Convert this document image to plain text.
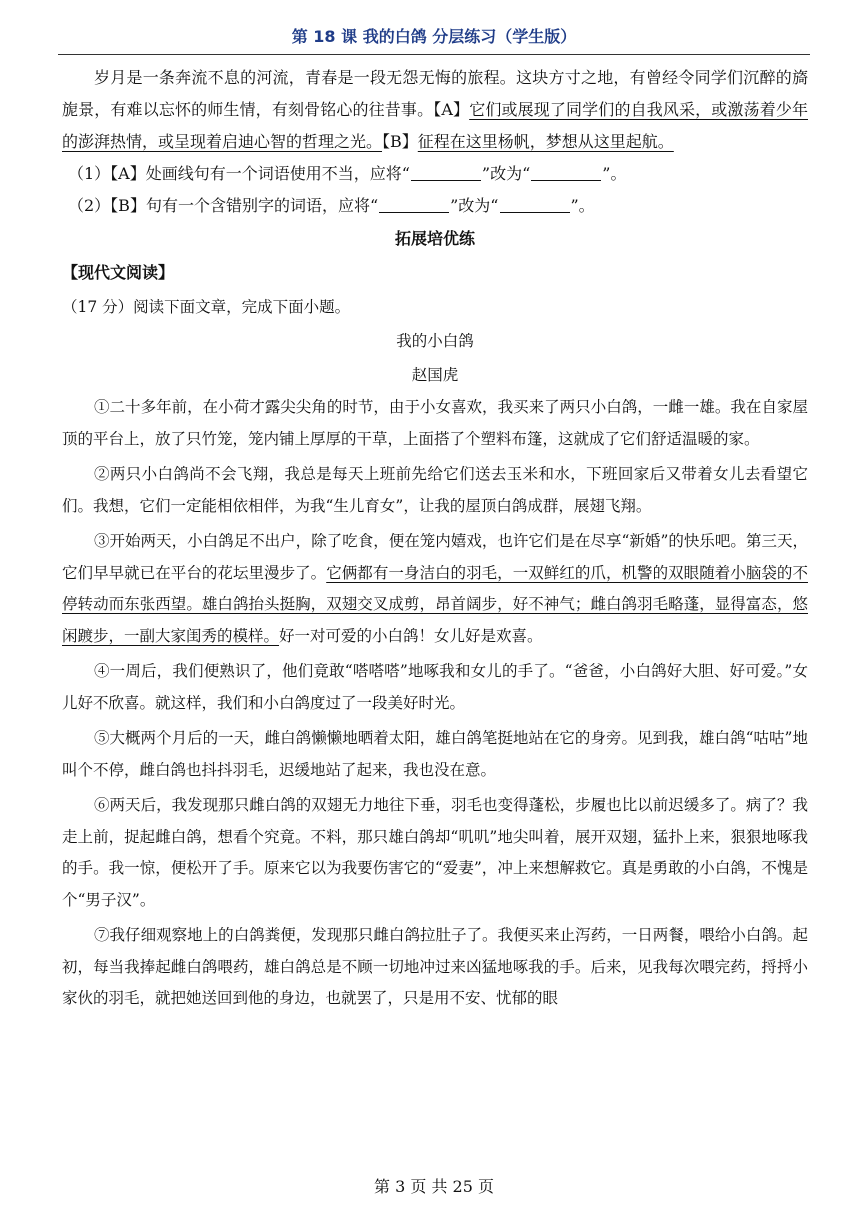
第 18 课 我的白鸽 分层练习（学生版）

岁月是一条奔流不息的河流，青春是一段无怨无悔的旅程。这块方寸之地，有曾经令同学们沉醉的旖旎景，有难以忘怀的师生情，有刻骨铭心的往昔事。【A】它们或展现了同学们的自我风采，或激荡着少年的澎湃热情，或呈现着启迪心智的哲理之光。【B】征程在这里杨帆，梦想从这里起航。

（1）【A】处画线句有一个词语使用不当，应将“	”改为“	”。

（2）【B】句有一个含错别字的词语，应将“	”改为“	”。

拓展培优练

【现代文阅读】

（17 分）阅读下面文章，完成下面小题。

我的小白鸽

赵国虎

①二十多年前，在小荷才露尖尖角的时节，由于小女喜欢，我买来了两只小白鸽，一雌一雄。我在自家屋顶的平台上，放了只竹笼，笼内铺上厚厚的干草，上面搭了个塑料布篷，这就成了它们舒适温暖的家。

②两只小白鸽尚不会飞翔，我总是每天上班前先给它们送去玉米和水，下班回家后又带着女儿去看望它们。我想，它们一定能相依相伴，为我“生儿育女”，让我的屋顶白鸽成群，展翅飞翔。

③开始两天，小白鸽足不出户，除了吃食，便在笼内嬉戏，也许它们是在尽享“新婚”的快乐吧。第三天，它们早早就已在平台的花坛里漫步了。它俩都有一身洁白的羽毛，一双鲜红的爪，机警的双眼随着小脑袋的不停转动而东张西望。雄白鸽抬头挺胸，双翅交叉成剪，昂首阔步，好不神气；雌白鸽羽毛略蓬，显得富态，悠闲踱步，一副大家闺秀的模样。好一对可爱的小白鸽！女儿好是欢喜。

④一周后，我们便熟识了，他们竟敢“嗒嗒嗒”地啄我和女儿的手了。“爸爸，小白鸽好大胆、好可爱。”女儿好不欣喜。就这样，我们和小白鸽度过了一段美好时光。

⑤大概两个月后的一天，雌白鸽懒懒地晒着太阳，雄白鸽笔挺地站在它的身旁。见到我，雄白鸽“咕咕”地叫个不停，雌白鸽也抖抖羽毛，迟缓地站了起来，我也没在意。

⑥两天后，我发现那只雌白鸽的双翅无力地往下垂，羽毛也变得蓬松，步履也比以前迟缓多了。病了？我走上前，捉起雌白鸽，想看个究竟。不料，那只雄白鸽却“叽叽”地尖叫着，展开双翅，猛扑上来，狠狠地啄我的手。我一惊，便松开了手。原来它以为我要伤害它的“爱妻”，冲上来想解救它。真是勇敢的小白鸽，不愧是个“男子汉”。

⑦我仔细观察地上的白鸽粪便，发现那只雌白鸽拉肚子了。我便买来止泻药，一日两餐，喂给小白鸽。起初，每当我捧起雌白鸽喂药，雄白鸽总是不顾一切地冲过来凶猛地啄我的手。后来，见我每次喂完药，捋捋小家伙的羽毛，就把她送回到他的身边，也就罢了，只是用不安、忧郁的眼

第 3 页 共 25 页
